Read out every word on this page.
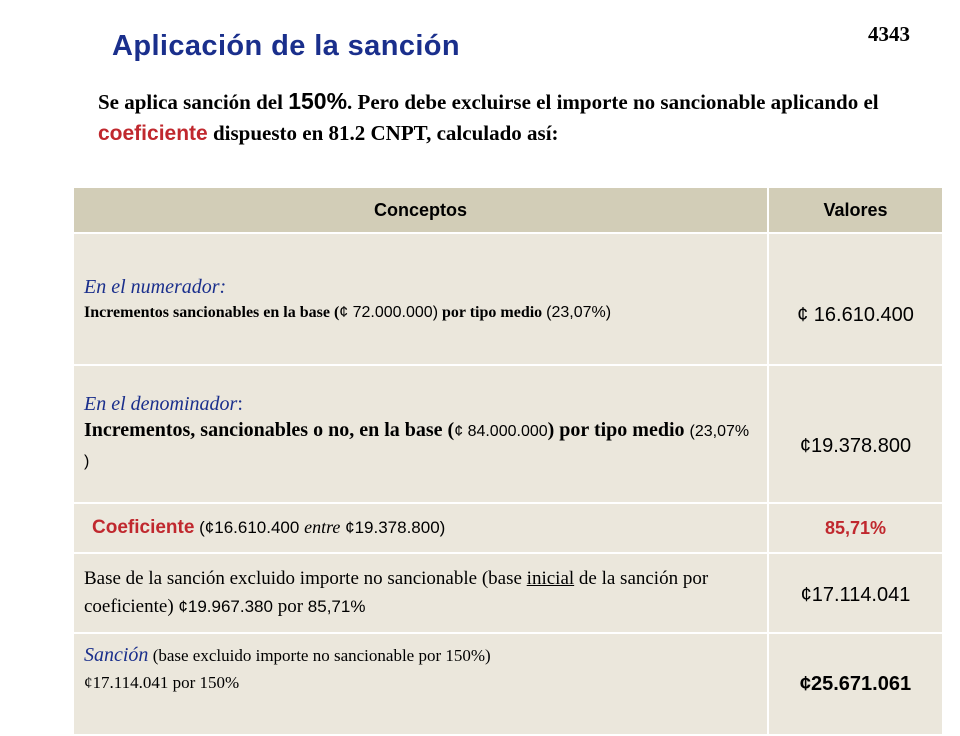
4343
Aplicación de la sanción
Se aplica sanción del 150%. Pero debe excluirse el importe no sancionable aplicando el coeficiente dispuesto en 81.2 CNPT, calculado así:
Conceptos	Valores

En el numerador:
Incrementos sancionables en la base (¢ 72.000.000) por tipo medio (23,07%)	¢ 16.610.400

En el denominador:
Incrementos, sancionables o no, en la base (¢ 84.000.000) por tipo medio (23,07% )	¢19.378.800
Coeficiente (¢16.610.400 entre ¢19.378.800)	85,71%

Base de la sanción excluido importe no sancionable (base inicial de la sanción por coeficiente) ¢19.967.380 por 85,71%	¢17.114.041

Sanción (base excluido importe no sancionable por 150%)
¢17.114.041 por 150%	¢25.671.061
